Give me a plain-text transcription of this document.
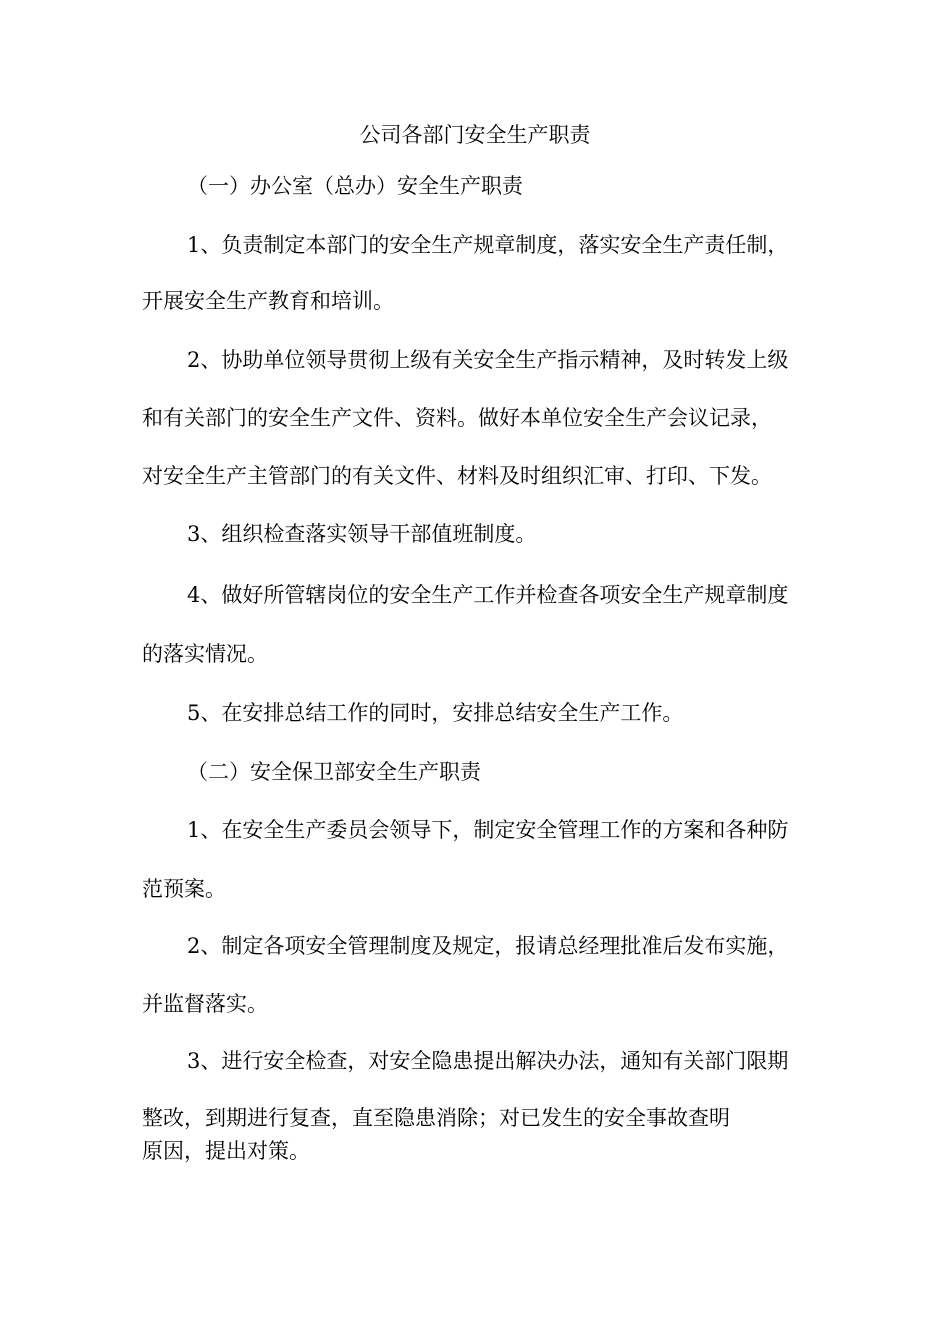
公司各部门安全生产职责
（一）办公室（总办）安全生产职责
1、负责制定本部门的安全生产规章制度，落实安全生产责任制，
开展安全生产教育和培训。
2、协助单位领导贯彻上级有关安全生产指示精神，及时转发上级
和有关部门的安全生产文件、资料。做好本单位安全生产会议记录，
对安全生产主管部门的有关文件、材料及时组织汇审、打印、下发。
3、组织检查落实领导干部值班制度。
4、做好所管辖岗位的安全生产工作并检查各项安全生产规章制度
的落实情况。
5、在安排总结工作的同时，安排总结安全生产工作。
（二）安全保卫部安全生产职责
1、在安全生产委员会领导下，制定安全管理工作的方案和各种防
范预案。
2、制定各项安全管理制度及规定，报请总经理批准后发布实施，
并监督落实。
3、进行安全检查，对安全隐患提出解决办法，通知有关部门限期
整改，到期进行复查，直至隐患消除；对已发生的安全事故查明
原因，提出对策。
